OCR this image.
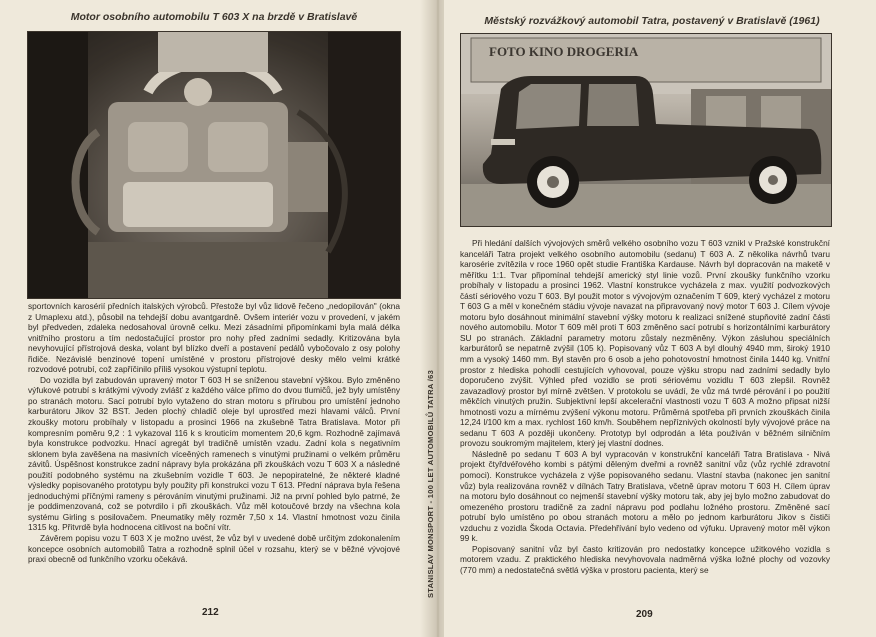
Motor osobního automobilu T 603 X na brzdě v Bratislavě

sportovních karosérií předních italských výrobců. Přestože byl vůz lidově řečeno „nedopilován" (okna z Umaplexu atd.), působil na tehdejší dobu avantgardně. Ovšem interiér vozu v provedení, v jakém byl předveden, zdaleka nedosahoval úrovně celku. Mezi zásadními připomínkami byla malá délka vnitřního prostoru a tím nedostačující prostor pro nohy před zadními sedadly. Kritizována byla nevyhovující přístrojová deska, volant byl blízko dveří a postavení pedálů vybočovalo z osy polohy řidiče. Nezávislé benzinové topení umístěné v prostoru přístrojové desky mělo velmi krátké rozvodové potrubí, což zapříčinilo příliš vysokou výstupní teplotu.

Do vozidla byl zabudován upravený motor T 603 H se sníženou stavební výškou. Bylo změněno výfukové potrubí s krátkými vývody zvlášť z každého válce přímo do dvou tlumičů, jež byly umístěny po stranách motoru. Sací potrubí bylo vytaženo do stran motoru s přírubou pro umístění jednoho karburátoru Jikov 32 BST. Jeden plochý chladič oleje byl uprostřed mezi hlavami válců. První zkoušky motoru probíhaly v listopadu a prosinci 1966 na zkušebně Tatra Bratislava. Motor při kompresním poměru 9,2 : 1 vykazoval 116 k s krouticím momentem 20,6 kgm. Rozhodně zajímavá byla konstrukce podvozku. Hnací agregát byl tradičně umístěn vzadu. Zadní kola s negativním sklonem byla zavěšena na masivních víceěných ramenech s vinutými pružinami o velkém průměru závitů. Úspěšnost konstrukce zadní nápravy byla prokázána při zkouškách vozu T 603 X a následné použití podobného systému na zkušebním vozidle T 603. Je nepopiratelné, že některé kladné výsledky popisovaného prototypu byly použity při konstrukci vozu T 613. Přední náprava byla řešena jednoduchými příčnými rameny s pérováním vinutými pružinami. Již na první pohled bylo patrné, že je poddimenzovaná, což se potvrdilo i při zkouškách. Vůz měl kotoučové brzdy na všechna kola systému Girling s posilovačem. Pneumatiky měly rozměr 7,50 x 14. Vlastní hmotnost vozu činila 1315 kg. Přitvrdě byla hodnocena citlivost na boční vítr.

Závěrem popisu vozu T 603 X je možno uvést, že vůz byl v uvedené době určitým zdokonalením koncepce osobních automobilů Tatra a rozhodně splnil účel v rozsahu, který se v běžné vývojové praxi obecně od funkčního vzorku očekává.

212
STANISLAV MONSPORT - 100 LET AUTOMOBILŮ TATRA /63
Městský rozvážkový automobil Tatra, postavený v Bratislavě (1961)
FOTO KINO DROGERIA

Při hledání dalších vývojových směrů velkého osobního vozu T 603 vznikl v Pražské konstrukční kanceláři Tatra projekt velkého osobního automobilu (sedanu) T 603 A. Z několika návrhů tvaru karosérie zvítězila v roce 1960 opět studie Františka Kardause. Návrh byl dopracován na maketě v měřítku 1:1. Tvar připomínal tehdejší americký styl linie vozů. První zkoušky funkčního vzorku probíhaly v listopadu a prosinci 1962. Vlastní konstrukce vycházela z max. využití podvozkových částí sériového vozu T 603. Byl použit motor s vývojovým označením T 609, který vycházel z motoru T 603 G a měl v konečném stádiu vývoje navazat na připravovaný nový motor T 603 J. Cílem vývoje motoru bylo dosáhnout minimální stavební výšky motoru k realizaci snížené stupňovité zadní části nového automobilu. Motor T 609 měl proti T 603 změněno sací potrubí s horizontálními karburátory SU po stranách. Základní parametry motoru zůstaly nezměněny. Výkon zásluhou speciálních karburátorů se nepatrně zvýšil (105 k). Popisovaný vůz T 603 A byl dlouhý 4940 mm, široký 1910 mm a vysoký 1460 mm. Byl stavěn pro 6 osob a jeho pohotovostní hmotnost činila 1440 kg. Vnitřní prostor z hlediska pohodlí cestujících vyhovoval, pouze výšku stropu nad zadními sedadly bylo doporučeno zvýšit. Výhled před vozidlo se proti sériovému vozidlu T 603 zlepšil. Rovněž zavazadlový prostor byl mírně zvětšen. V protokolu se uvádí, že vůz má tvrdé pérování i po použití měkčích vinutých pružin. Subjektivní lepší akcelerační vlastnosti vozu T 603 A možno připsat nižší hmotnosti vozu a mírnému zvýšení výkonu motoru. Průměrná spotřeba při prvních zkouškách činila 12,24 l/100 km a max. rychlost 160 km/h. Souběhem nepříznivých okolností byly vývojové práce na sedanu T 603 A později ukončeny. Prototyp byl odprodán a léta používán v běžném silničním provozu soukromým majitelem, který jej vlastní dodnes.

Následně po sedanu T 603 A byl vypracován v konstrukční kanceláři Tatra Bratislava - Nivá projekt čtyřdvéřového kombi s pátými děleným dveřmi a rovněž sanitní vůz (vůz rychlé zdravotní pomoci). Konstrukce vycházela z výše popisovaného sedanu. Vlastní stavba (nakonec jen sanitní vůz) byla realizována rovněž v dílnách Tatry Bratislava, včetně úprav motoru T 603 H. Cílem úprav na motoru bylo dosáhnout co nejmenší stavební výšky motoru tak, aby jej bylo možno zabudovat do omezeného prostoru tradičně za zadní nápravu pod podlahu ložného prostoru. Změněné sací potrubí bylo umístěno po obou stranách motoru a mělo po jednom karburátoru Jikov s čističi vzduchu z vozidla Škoda Octavia. Předehřívání bylo vedeno od výfuku. Upravený motor měl výkon 99 k.

Popisovaný sanitní vůz byl často kritizován pro nedostatky koncepce užitkového vozidla s motorem vzadu. Z praktického hlediska nevyhovovala nadměrná výška ložné plochy od vozovky (770 mm) a nedostatečná světlá výška v prostoru pacienta, který se

209
